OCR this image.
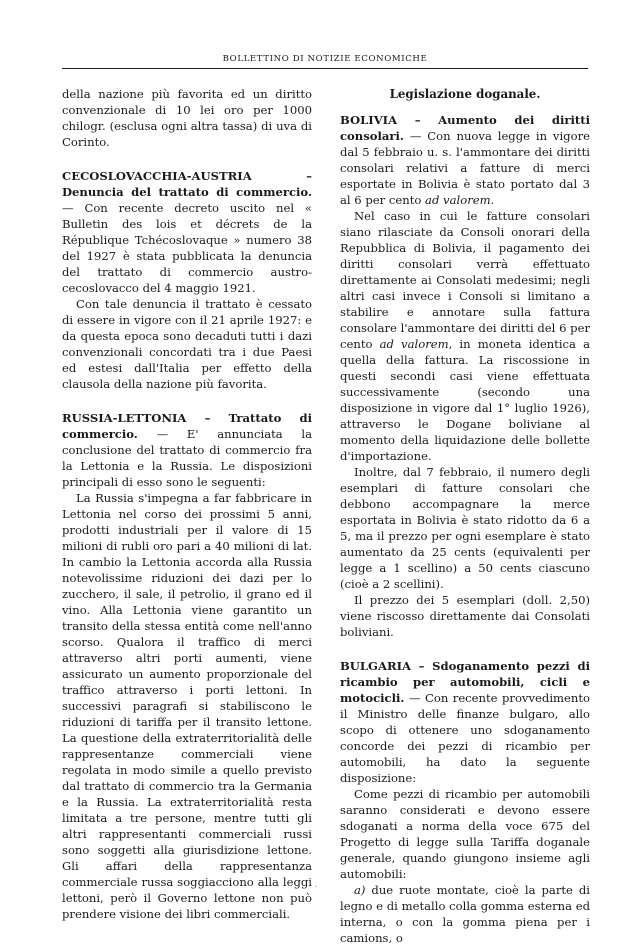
BOLLETTINO DI NOTIZIE ECONOMICHE

della nazione più favorita ed un diritto convenzionale di 10 lei oro per 1000 chilogr. (esclusa ogni altra tassa) di uva di Corinto.

CECOSLOVACCHIA-AUSTRIA – Denuncia del trattato di commercio. — Con recente decreto uscito nel « Bulletin des lois et décrets de la République Tchécoslovaque » numero 38 del 1927 è stata pubblicata la denuncia del trattato di commercio austro-cecoslovacco del 4 maggio 1921.

Con tale denuncia il trattato è cessato di essere in vigore con il 21 aprile 1927: e da questa epoca sono decaduti tutti i dazi convenzionali concordati tra i due Paesi ed estesi dall'Italia per effetto della clausola della nazione più favorita.

RUSSIA-LETTONIA – Trattato di commercio. — E' annunciata la conclusione del trattato di commercio fra la Lettonia e la Russia. Le disposizioni principali di esso sono le seguenti:

La Russia s'impegna a far fabbricare in Lettonia nel corso dei prossimi 5 anni, prodotti industriali per il valore di 15 milioni di rubli oro pari a 40 milioni di lat. In cambio la Lettonia accorda alla Russia notevolissime riduzioni dei dazi per lo zucchero, il sale, il petrolio, il grano ed il vino. Alla Lettonia viene garantito un transito della stessa entità come nell'anno scorso. Qualora il traffico di merci attraverso altri porti aumenti, viene assicurato un aumento proporzionale del traffico attraverso i porti lettoni. In successivi paragrafi si stabiliscono le riduzioni di tariffa per il transito lettone. La questione della extraterritorialità delle rappresentanze commerciali viene regolata in modo simile a quello previsto dal trattato di commercio tra la Germania e la Russia. La extraterritorialità resta limitata a tre persone, mentre tutti gli altri rappresentanti commerciali russi sono soggetti alla giurisdizione lettone. Gli affari della rappresentanza commerciale russa soggiacciono alla leggi lettoni, però il Governo lettone non può prendere visione dei libri commerciali.

Legislazione doganale.

BOLIVIA – Aumento dei diritti consolari. — Con nuova legge in vigore dal 5 febbraio u. s. l'ammontare dei diritti consolari relativi a fatture di merci esportate in Bolivia è stato portato dal 3 al 6 per cento ad valorem.

Nel caso in cui le fatture consolari siano rilasciate da Consoli onorari della Repubblica di Bolivia, il pagamento dei diritti consolari verrà effettuato direttamente ai Consolati medesimi; negli altri casi invece i Consoli si limitano a stabilire e annotare sulla fattura consolare l'ammontare dei diritti del 6 per cento ad valorem, in moneta identica a quella della fattura. La riscossione in questi secondi casi viene effettuata successivamente (secondo una disposizione in vigore dal 1° luglio 1926), attraverso le Dogane boliviane al momento della liquidazione delle bollette d'importazione.

Inoltre, dal 7 febbraio, il numero degli esemplari di fatture consolari che debbono accompagnare la merce esportata in Bolivia è stato ridotto da 6 a 5, ma il prezzo per ogni esemplare è stato aumentato da 25 cents (equivalenti per legge a 1 scellino) a 50 cents ciascuno (cioè a 2 scellini).

Il prezzo dei 5 esemplari (doll. 2,50) viene riscosso direttamente dai Consolati boliviani.

BULGARIA – Sdoganamento pezzi di ricambio per automobili, cicli e motocicli. — Con recente provvedimento il Ministro delle finanze bulgaro, allo scopo di ottenere uno sdoganamento concorde dei pezzi di ricambio per automobili, ha dato la seguente disposizione:

Come pezzi di ricambio per automobili saranno considerati e devono essere sdoganati a norma della voce 675 del Progetto di legge sulla Tariffa doganale generale, quando giungono insieme agli automobili:

a) due ruote montate, cioè la parte di legno e di metallo colla gomma esterna ed interna, o con la gomma piena per i camions, o

·
